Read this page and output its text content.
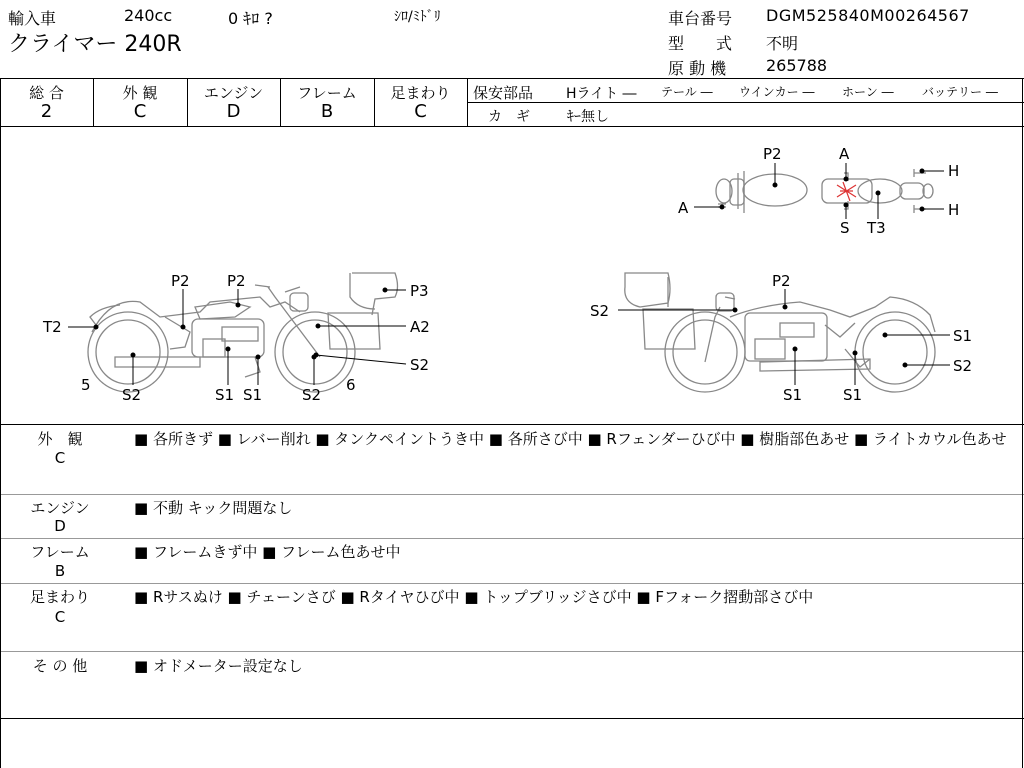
輸入車	240cc	0 ｷﾛ ?	ｼﾛ/ﾐﾄﾞﾘ
クライマー 240R
車台番号 DGM525840M00264567
型　　式 不明
原 動 機 265788
総 合
2
外 観
C
エンジン
D
フレーム
B
足まわり
C
保安部品 Hライト ― テール ― ウインカー ― ホーン ― バッテリー ―
カ　ギ	ｷｰ無し
P2	A
H
A
S T3
H
P2 P2
P3
T2	A2
S2
5
S2	S1 S1	S2
6
P2
S2
S1
S2
S1	S1
外　観
C
■ 各所きず ■ レバー削れ ■ タンクペイントうき中 ■ 各所さび中 ■ Rフェンダーひび中 ■ 樹脂部色あせ ■ ライトカウル色あせ
エンジン
D
■ 不動 キック問題なし
フレーム
B
■ フレームきず中 ■ フレーム色あせ中
足まわり
C
■ Rサスぬけ ■ チェーンさび ■ Rタイヤひび中 ■ トップブリッジさび中 ■ Fフォーク摺動部さび中
そ の 他	■ オドメーター設定なし
